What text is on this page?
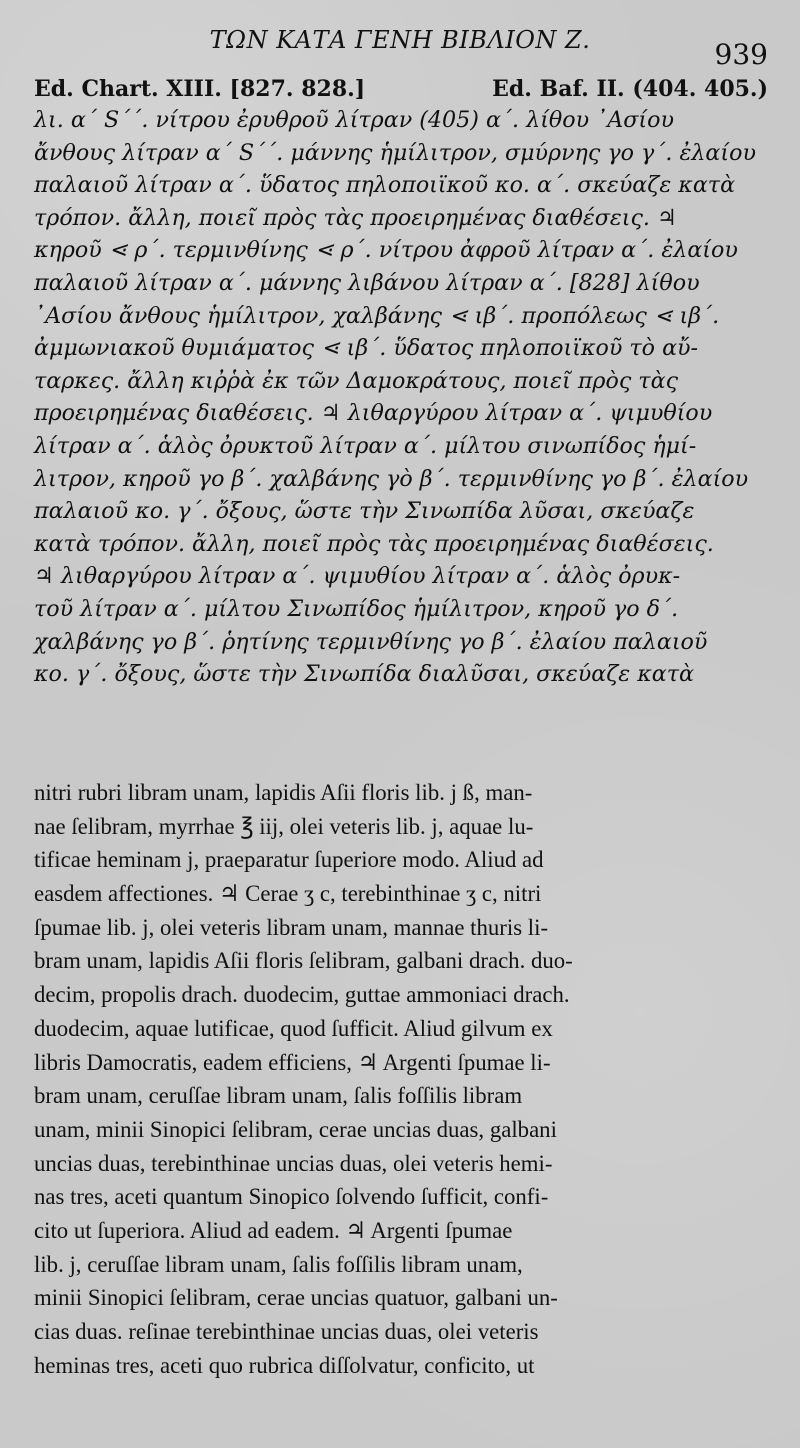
ΤΩΝ ΚΑΤΑ ΓΕΝΗ ΒΙΒΛΙΟΝ Ζ.	939
Ed. Chart. XIII. [827. 828.]	Ed. Baf. II. (404. 405.)
λι. α΄ S΄΄. νίτρου ἐρυθροῦ λίτραν (405) α΄. λίθου ᾿Ασίου
ἄνθους λίτραν α΄ S΄΄. μάννης ἡμίλιτρον, σμύρνης γο γ΄. ἐλαίου
παλαιοῦ λίτραν α΄. ὕδατος πηλοποιϊκοῦ κο. α΄. σκεύαζε κατὰ
τρόπον. ἄλλη, ποιεῖ πρὸς τὰς προειρημένας διαθέσεις. ♃
κηροῦ ⋖ ρ΄. τερμινθίνης ⋖ ρ΄. νίτρου ἀφροῦ λίτραν α΄. ἐλαίου
παλαιοῦ λίτραν α΄. μάννης λιβάνου λίτραν α΄. [828] λίθου
᾿Ασίου ἄνθους ἡμίλιτρον, χαλβάνης ⋖ ιβ΄. προπόλεως ⋖ ιβ΄.
ἀμμωνιακοῦ θυμιάματος ⋖ ιβ΄. ὕδατος πηλοποιϊκοῦ τὸ αὔ-
ταρκες. ἄλλη κιῤῥὰ ἐκ τῶν Δαμοκράτους, ποιεῖ πρὸς τὰς
προειρημένας διαθέσεις. ♃ λιθαργύρου λίτραν α΄. ψιμυθίου
λίτραν α΄. ἁλὸς ὀρυκτοῦ λίτραν α΄. μίλτου σινωπίδος ἡμί-
λιτρον, κηροῦ γο β΄. χαλβάνης γὸ β΄. τερμινθίνης γο β΄. ἐλαίου
παλαιοῦ κο. γ΄. ὄξους, ὥστε τὴν Σινωπίδα λῦσαι, σκεύαζε
κατὰ τρόπον. ἄλλη, ποιεῖ πρὸς τὰς προειρημένας διαθέσεις.
♃ λιθαργύρου λίτραν α΄. ψιμυθίου λίτραν α΄. ἁλὸς ὀρυκ-
τοῦ λίτραν α΄. μίλτου Σινωπίδος ἡμίλιτρον, κηροῦ γο δ΄.
χαλβάνης γο β΄. ῥητίνης τερμινθίνης γο β΄. ἐλαίου παλαιοῦ
κο. γ΄. ὄξους, ὥστε τὴν Σινωπίδα διαλῦσαι, σκεύαζε κατὰ
nitri rubri libram unam, lapidis Aſii floris lib. j ß, man-
nae ſelibram, myrrhae ℥ iij, olei veteris lib. j, aquae lu-
tificae heminam j, praeparatur ſuperiore modo. Aliud ad
easdem affectiones. ♃ Cerae ʒ c, terebinthinae ʒ c, nitri
ſpumae lib. j, olei veteris libram unam, mannae thuris li-
bram unam, lapidis Aſii floris ſelibram, galbani drach. duo-
decim, propolis drach. duodecim, guttae ammoniaci drach.
duodecim, aquae lutificae, quod ſufficit. Aliud gilvum ex
libris Damocratis, eadem efficiens, ♃ Argenti ſpumae li-
bram unam, ceruſſae libram unam, ſalis foſſilis libram
unam, minii Sinopici ſelibram, cerae uncias duas, galbani
uncias duas, terebinthinae uncias duas, olei veteris hemi-
nas tres, aceti quantum Sinopico ſolvendo ſufficit, confi-
cito ut ſuperiora. Aliud ad eadem. ♃ Argenti ſpumae
lib. j, ceruſſae libram unam, ſalis foſſilis libram unam,
minii Sinopici ſelibram, cerae uncias quatuor, galbani un-
cias duas. reſinae terebinthinae uncias duas, olei veteris
heminas tres, aceti quo rubrica diſſolvatur, conficito, ut
